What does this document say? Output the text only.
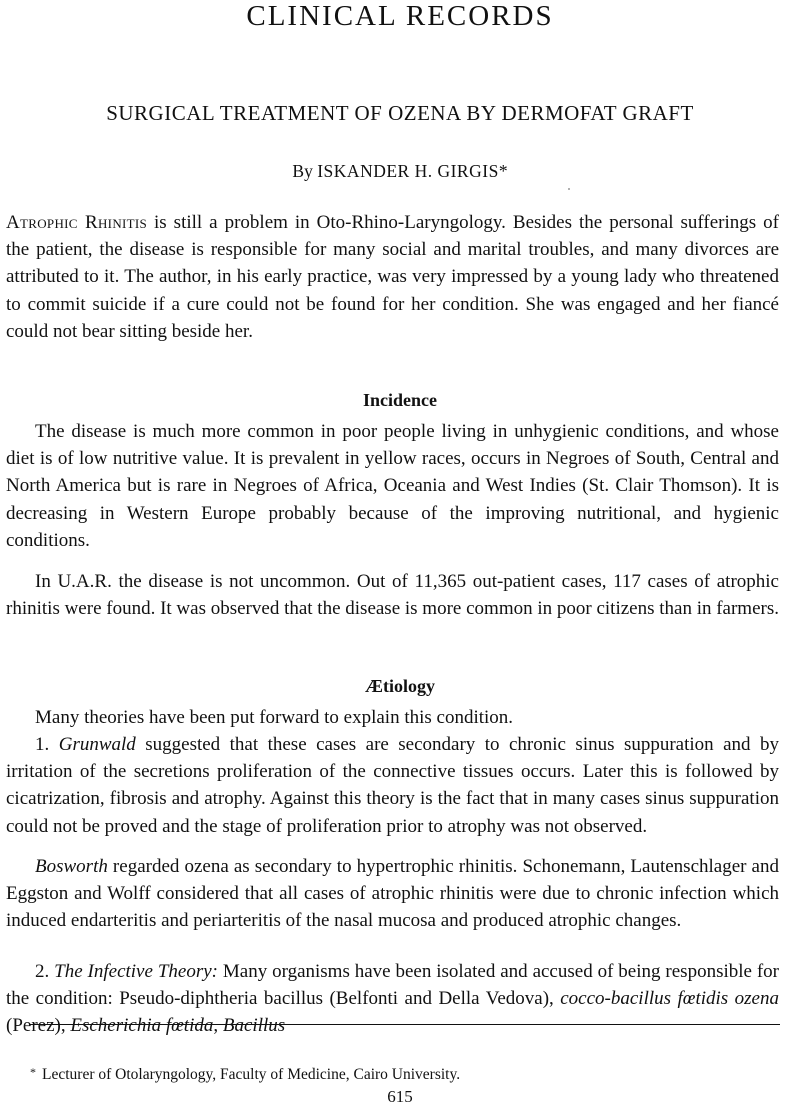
CLINICAL RECORDS
SURGICAL TREATMENT OF OZENA BY DERMOFAT GRAFT

By ISKANDER H. GIRGIS*

Atrophic Rhinitis is still a problem in Oto-Rhino-Laryngology. Besides the personal sufferings of the patient, the disease is responsible for many social and marital troubles, and many divorces are attributed to it. The author, in his early practice, was very impressed by a young lady who threatened to commit suicide if a cure could not be found for her condition. She was engaged and her fiancé could not bear sitting beside her.

Incidence

The disease is much more common in poor people living in unhygienic conditions, and whose diet is of low nutritive value. It is prevalent in yellow races, occurs in Negroes of South, Central and North America but is rare in Negroes of Africa, Oceania and West Indies (St. Clair Thomson). It is decreasing in Western Europe probably because of the improving nutritional, and hygienic conditions.

In U.A.R. the disease is not uncommon. Out of 11,365 out-patient cases, 117 cases of atrophic rhinitis were found. It was observed that the disease is more common in poor citizens than in farmers.

Ætiology

Many theories have been put forward to explain this condition.

1. Grunwald suggested that these cases are secondary to chronic sinus suppuration and by irritation of the secretions proliferation of the connective tissues occurs. Later this is followed by cicatrization, fibrosis and atrophy. Against this theory is the fact that in many cases sinus suppuration could not be proved and the stage of proliferation prior to atrophy was not observed.

Bosworth regarded ozena as secondary to hypertrophic rhinitis. Schonemann, Lautenschlager and Eggston and Wolff considered that all cases of atrophic rhinitis were due to chronic infection which induced endarteritis and periarteritis of the nasal mucosa and produced atrophic changes.

2. The Infective Theory: Many organisms have been isolated and accused of being responsible for the condition: Pseudo-diphtheria bacillus (Belfonti and Della Vedova), cocco-bacillus fœtidis ozena (Perez), Escherichia fœtida, Bacillus

* Lecturer of Otolaryngology, Faculty of Medicine, Cairo University.

615
